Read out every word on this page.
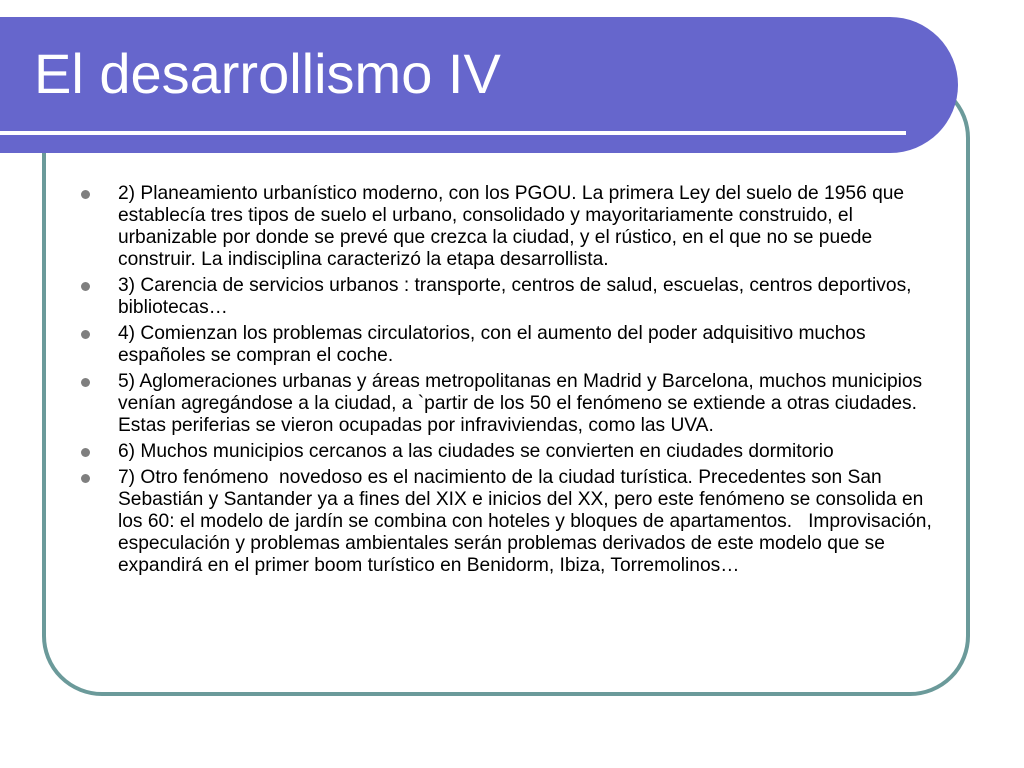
El desarrollismo IV
2) Planeamiento urbanístico moderno, con los PGOU. La primera Ley del suelo de 1956 que establecía tres tipos de suelo el urbano, consolidado y mayoritariamente construido, el urbanizable por donde se prevé que crezca la ciudad, y el rústico, en el que no se puede construir. La indisciplina caracterizó la etapa desarrollista.
3) Carencia de servicios urbanos : transporte, centros de salud, escuelas, centros deportivos, bibliotecas…
4) Comienzan los problemas circulatorios, con el aumento del poder adquisitivo muchos españoles se compran el coche.
5) Aglomeraciones urbanas y áreas metropolitanas en Madrid y Barcelona, muchos municipios venían agregándose a la ciudad, a `partir de los 50 el fenómeno se extiende a otras ciudades. Estas periferias se vieron ocupadas por infraviviendas, como las UVA.
6) Muchos municipios cercanos a las ciudades se convierten en ciudades dormitorio
7) Otro fenómeno  novedoso es el nacimiento de la ciudad turística. Precedentes son San Sebastián y Santander ya a fines del XIX e inicios del XX, pero este fenómeno se consolida en los 60: el modelo de jardín se combina con hoteles y bloques de apartamentos.   Improvisación, especulación y problemas ambientales serán problemas derivados de este modelo que se expandirá en el primer boom turístico en Benidorm, Ibiza, Torremolinos…
